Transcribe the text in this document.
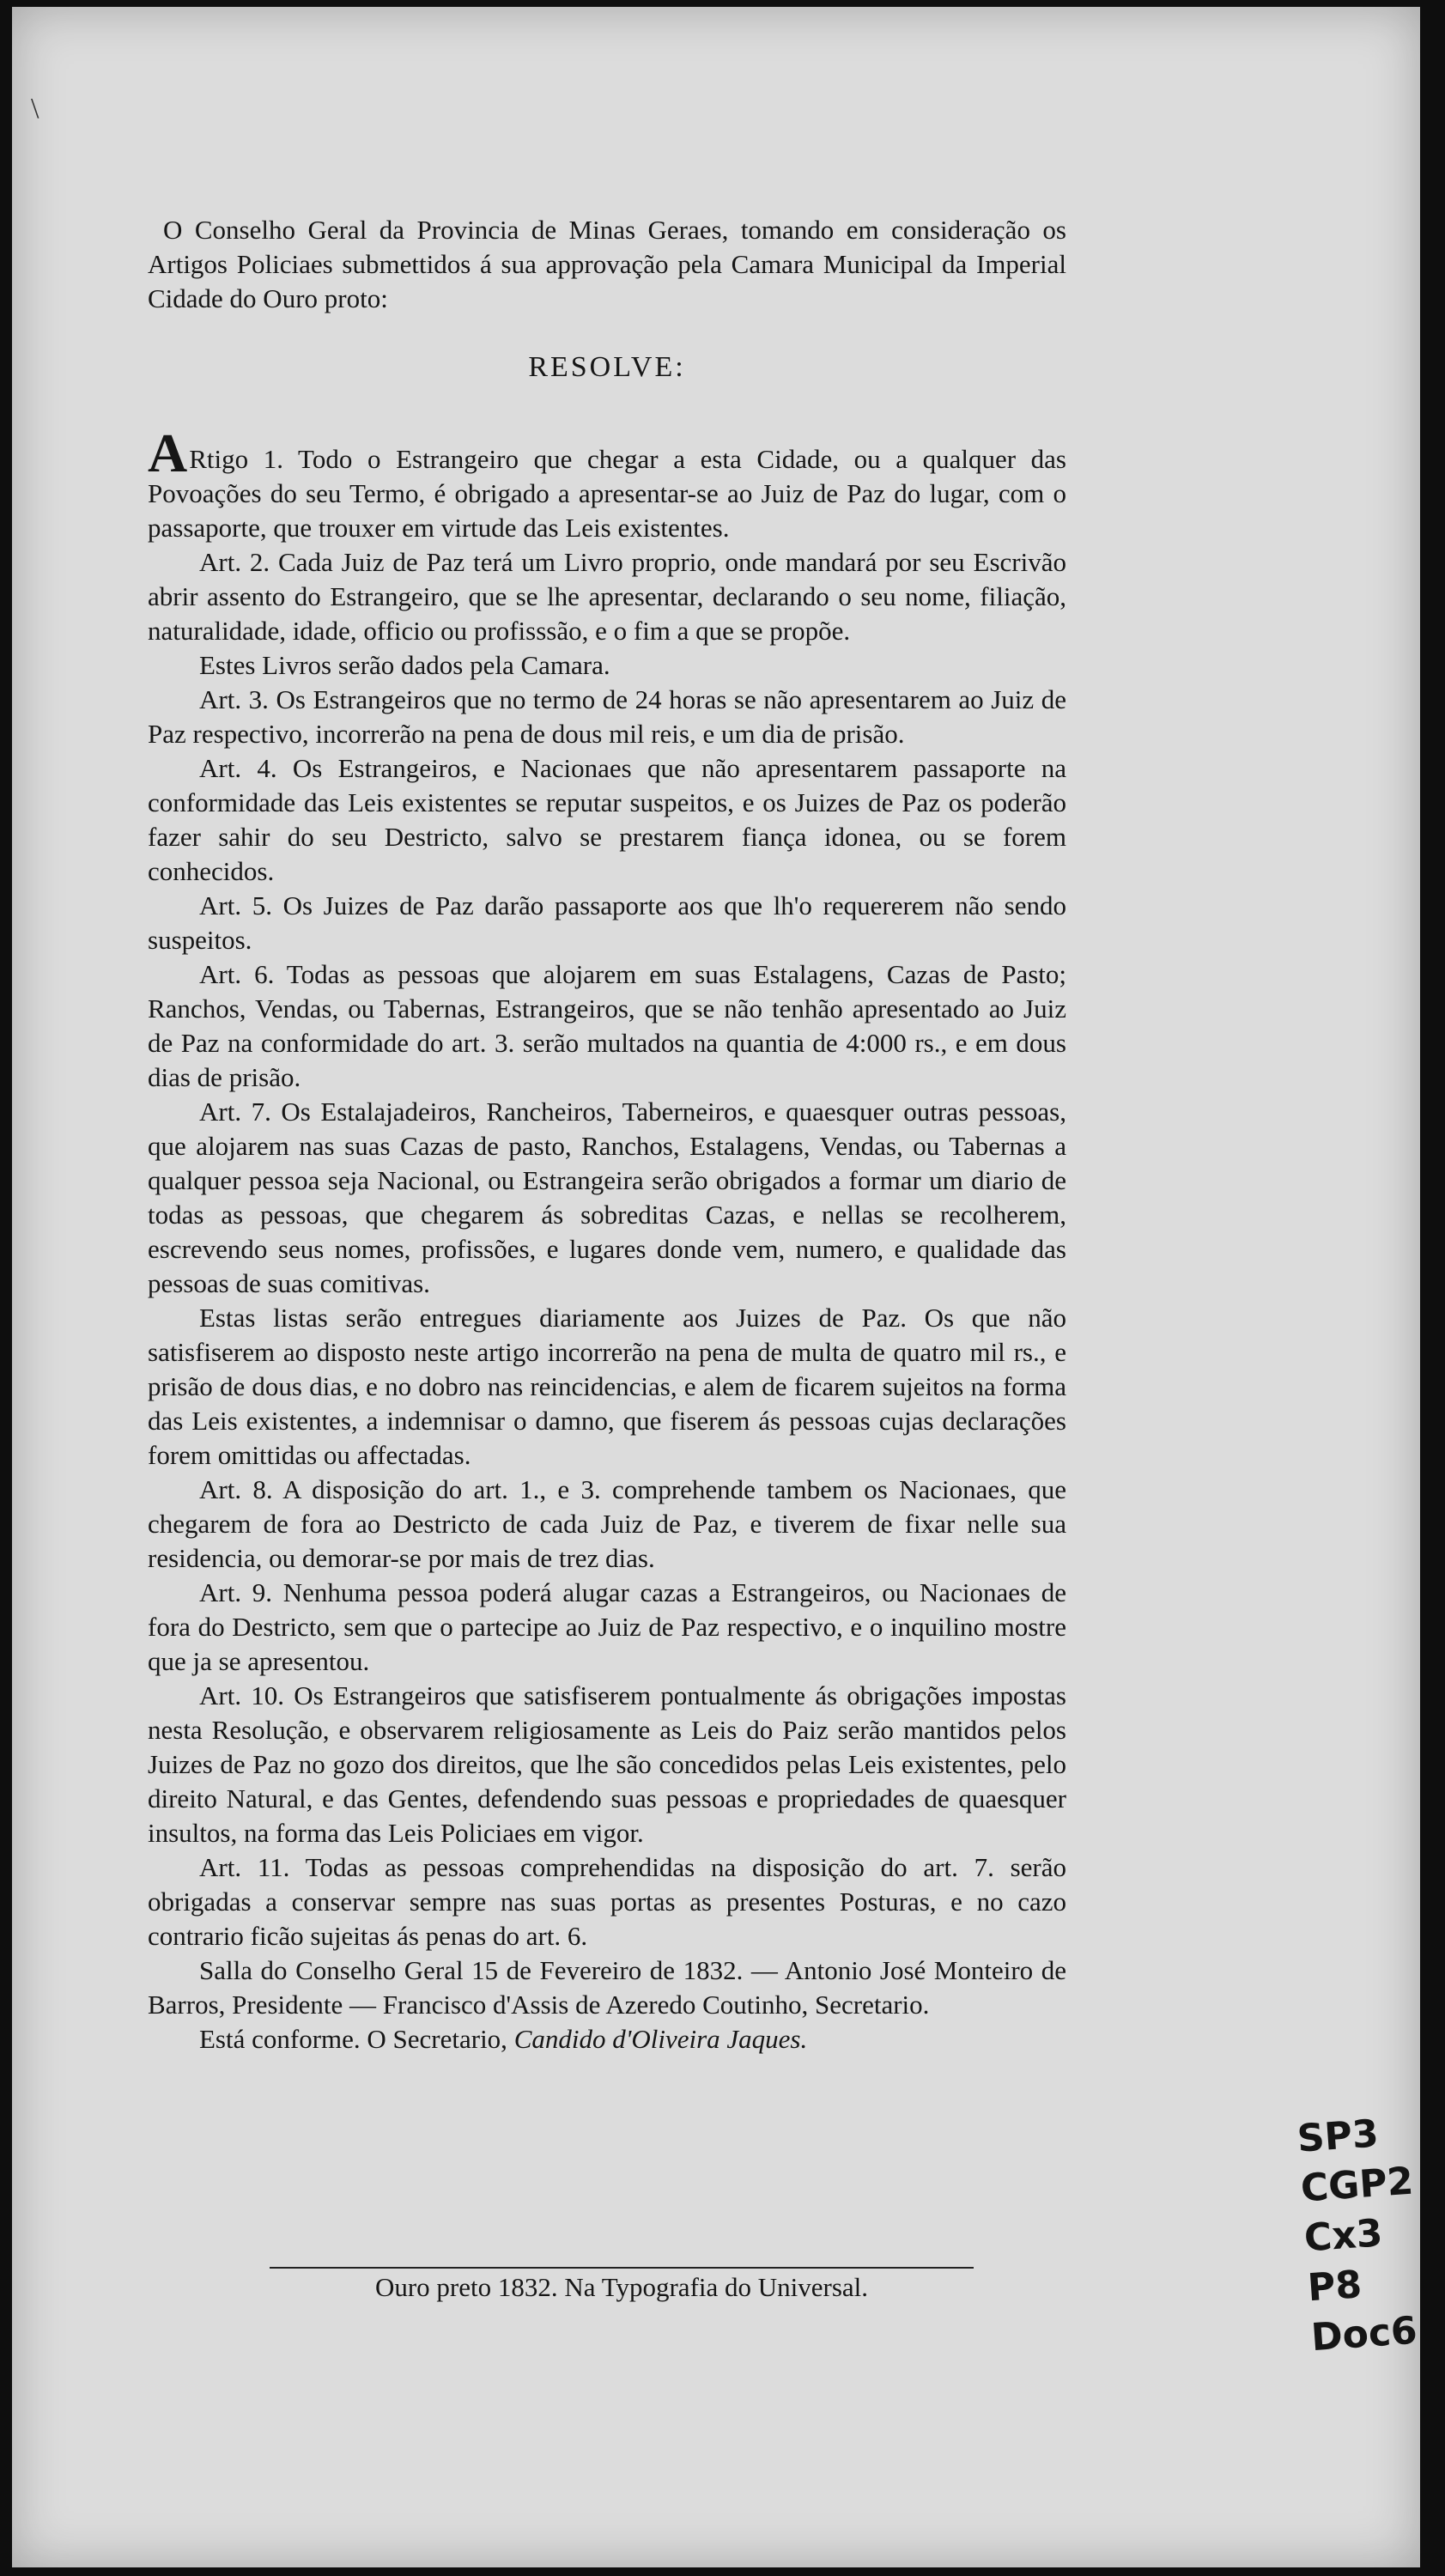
\

O Conselho Geral da Provincia de Minas Geraes, tomando em consideração os Artigos Policiaes submettidos á sua approvação pela Camara Municipal da Imperial Cidade do Ouro proto:

RESOLVE:

ARtigo 1. Todo o Estrangeiro que chegar a esta Cidade, ou a qualquer das Povoações do seu Termo, é obrigado a apresentar-se ao Juiz de Paz do lugar, com o passaporte, que trouxer em virtude das Leis existentes.

Art. 2. Cada Juiz de Paz terá um Livro proprio, onde mandará por seu Escrivão abrir assento do Estrangeiro, que se lhe apresentar, declarando o seu nome, filiação, naturalidade, idade, officio ou profisssão, e o fim a que se propõe.

Estes Livros serão dados pela Camara.

Art. 3. Os Estrangeiros que no termo de 24 horas se não apresentarem ao Juiz de Paz respectivo, incorrerão na pena de dous mil reis, e um dia de prisão.

Art. 4. Os Estrangeiros, e Nacionaes que não apresentarem passaporte na conformidade das Leis existentes se reputar suspeitos, e os Juizes de Paz os poderão fazer sahir do seu Destricto, salvo se prestarem fiança idonea, ou se forem conhecidos.

Art. 5. Os Juizes de Paz darão passaporte aos que lh'o requererem não sendo suspeitos.

Art. 6. Todas as pessoas que alojarem em suas Estalagens, Cazas de Pasto; Ranchos, Vendas, ou Tabernas, Estrangeiros, que se não tenhão apresentado ao Juiz de Paz na conformidade do art. 3. serão multados na quantia de 4:000 rs., e em dous dias de prisão.

Art. 7. Os Estalajadeiros, Rancheiros, Taberneiros, e quaesquer outras pessoas, que alojarem nas suas Cazas de pasto, Ranchos, Estalagens, Vendas, ou Tabernas a qualquer pessoa seja Nacional, ou Estrangeira serão obrigados a formar um diario de todas as pessoas, que chegarem ás sobreditas Cazas, e nellas se recolherem, escrevendo seus nomes, profissões, e lugares donde vem, numero, e qualidade das pessoas de suas comitivas.

Estas listas serão entregues diariamente aos Juizes de Paz. Os que não satisfiserem ao disposto neste artigo incorrerão na pena de multa de quatro mil rs., e prisão de dous dias, e no dobro nas reincidencias, e alem de ficarem sujeitos na forma das Leis existentes, a indemnisar o damno, que fiserem ás pessoas cujas declarações forem omittidas ou affectadas.

Art. 8. A disposição do art. 1., e 3. comprehende tambem os Nacionaes, que chegarem de fora ao Destricto de cada Juiz de Paz, e tiverem de fixar nelle sua residencia, ou demorar-se por mais de trez dias.

Art. 9. Nenhuma pessoa poderá alugar cazas a Estrangeiros, ou Nacionaes de fora do Destricto, sem que o partecipe ao Juiz de Paz respectivo, e o inquilino mostre que ja se apresentou.

Art. 10. Os Estrangeiros que satisfiserem pontualmente ás obrigações impostas nesta Resolução, e observarem religiosamente as Leis do Paiz serão mantidos pelos Juizes de Paz no gozo dos direitos, que lhe são concedidos pelas Leis existentes, pelo direito Natural, e das Gentes, defendendo suas pessoas e propriedades de quaesquer insultos, na forma das Leis Policiaes em vigor.

Art. 11. Todas as pessoas comprehendidas na disposição do art. 7. serão obrigadas a conservar sempre nas suas portas as presentes Posturas, e no cazo contrario ficão sujeitas ás penas do art. 6.

Salla do Conselho Geral 15 de Fevereiro de 1832. — Antonio José Monteiro de Barros, Presidente — Francisco d'Assis de Azeredo Coutinho, Secretario.

Está conforme. O Secretario, Candido d'Oliveira Jaques.

Ouro preto 1832. Na Typografia do Universal.
SP3
CGP2
Cx3
P8
Doc6
